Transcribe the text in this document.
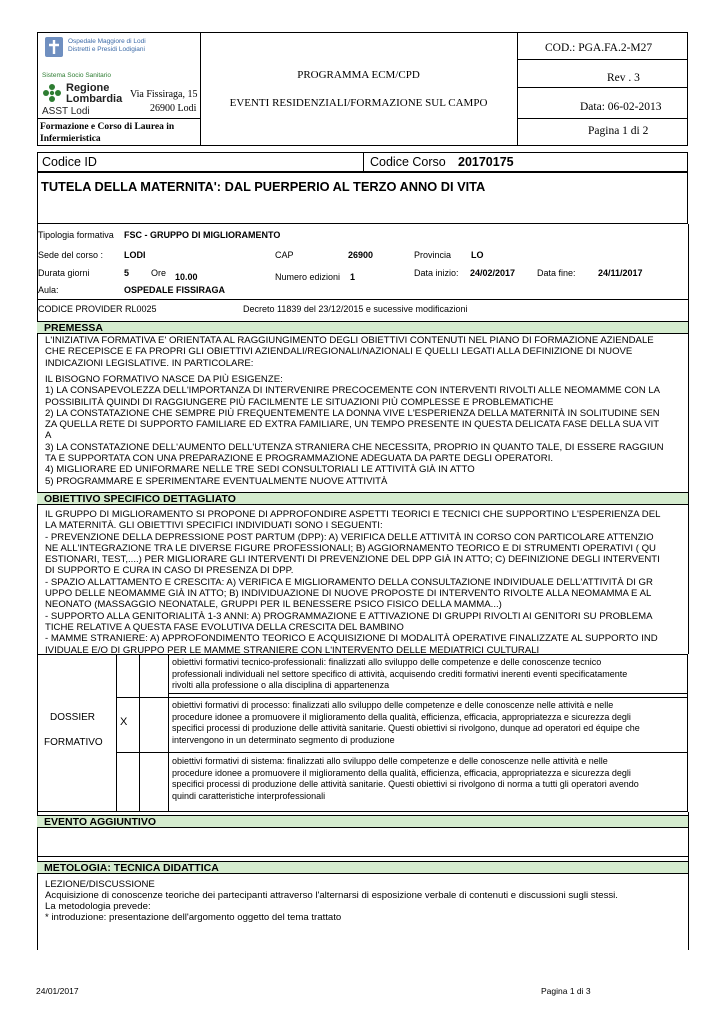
Ospedale Maggiore di Lodi
Distretti e Presidi Lodigiani
Sistema Socio Sanitario
Regione
Lombardia
ASST Lodi
Via Fissiraga, 15
26900 Lodi
Formazione e Corso di Laurea in
Infermieristica
PROGRAMMA ECM/CPD
EVENTI RESIDENZIALI/FORMAZIONE SUL CAMPO
COD.: PGA.FA.2-M27
Rev . 3
Data: 06-02-2013
Pagina 1 di 2
Codice ID	Codice Corso 20170175
TUTELA DELLA MATERNITA': DAL PUERPERIO AL TERZO ANNO DI VITA
Tipologia formativa FSC - GRUPPO DI MIGLIORAMENTO
Sede del corso : LODI	CAP	26900	Provincia LO
Durata giorni	5 Ore 10.00	Numero edizioni 1	Data inizio: 24/02/2017 Data fine: 24/11/2017
Aula:	OSPEDALE FISSIRAGA
CODICE PROVIDER RL0025	Decreto 11839 del 23/12/2015 e sucessive modificazioni
PREMESSA
L'INIZIATIVA FORMATIVA E' ORIENTATA AL RAGGIUNGIMENTO DEGLI OBIETTIVI CONTENUTI NEL PIANO DI FORMAZIONE AZIENDALE
CHE RECEPISCE E FA PROPRI GLI OBIETTIVI AZIENDALI/REGIONALI/NAZIONALI E QUELLI LEGATI ALLA DEFINIZIONE DI NUOVE
INDICAZIONI LEGISLATIVE. IN PARTICOLARE:
IL BISOGNO FORMATIVO NASCE DA PIÙ ESIGENZE:
1) LA CONSAPEVOLEZZA DELL'IMPORTANZA DI INTERVENIRE PRECOCEMENTE CON INTERVENTI RIVOLTI ALLE NEOMAMME CON LA
POSSIBILITÀ QUINDI DI RAGGIUNGERE PIÙ FACILMENTE LE SITUAZIONI PIÙ COMPLESSE E PROBLEMATICHE
2) LA CONSTATAZIONE CHE SEMPRE PIÙ FREQUENTEMENTE LA DONNA VIVE L'ESPERIENZA DELLA MATERNITÀ IN SOLITUDINE SEN
ZA QUELLA RETE DI SUPPORTO FAMILIARE ED EXTRA FAMILIARE, UN TEMPO PRESENTE IN QUESTA DELICATA FASE DELLA SUA VIT
A
3) LA CONSTATAZIONE DELL'AUMENTO DELL'UTENZA STRANIERA CHE NECESSITA, PROPRIO IN QUANTO TALE, DI ESSERE RAGGIUN
TA E SUPPORTATA CON UNA PREPARAZIONE E PROGRAMMAZIONE ADEGUATA DA PARTE DEGLI OPERATORI.
4) MIGLIORARE ED UNIFORMARE NELLE TRE SEDI CONSULTORIALI LE ATTIVITÀ GIÀ IN ATTO
5) PROGRAMMARE E SPERIMENTARE EVENTUALMENTE NUOVE ATTIVITÀ
OBIETTIVO SPECIFICO DETTAGLIATO
IL GRUPPO DI MIGLIORAMENTO SI PROPONE DI APPROFONDIRE ASPETTI TEORICI E TECNICI CHE SUPPORTINO L'ESPERIENZA DEL
LA MATERNITÀ. GLI OBIETTIVI SPECIFICI INDIVIDUATI SONO I SEGUENTI:
- PREVENZIONE DELLA DEPRESSIONE POST PARTUM (DPP): A) VERIFICA DELLE ATTIVITÀ IN CORSO CON PARTICOLARE ATTENZIO
NE ALL'INTEGRAZIONE TRA LE DIVERSE FIGURE PROFESSIONALI; B) AGGIORNAMENTO TEORICO E DI STRUMENTI OPERATIVI ( QU
ESTIONARI, TEST,....) PER MIGLIORARE GLI INTERVENTI DI PREVENZIONE DEL DPP GIÀ IN ATTO; C) DEFINIZIONE DEGLI INTERVENTI
DI SUPPORTO E CURA IN CASO DI PRESENZA DI DPP.
- SPAZIO ALLATTAMENTO E CRESCITA: A) VERIFICA E MIGLIORAMENTO DELLA CONSULTAZIONE INDIVIDUALE DELL'ATTIVITÀ DI GR
UPPO DELLE NEOMAMME GIÀ IN ATTO; B) INDIVIDUAZIONE DI NUOVE PROPOSTE DI INTERVENTO RIVOLTE ALLA NEOMAMMA E AL
NEONATO (MASSAGGIO NEONATALE, GRUPPI PER IL BENESSERE PSICO FISICO DELLA MAMMA...)
- SUPPORTO ALLA GENITORIALITÀ 1-3 ANNI: A) PROGRAMMAZIONE E ATTIVAZIONE DI GRUPPI RIVOLTI AI GENITORI SU PROBLEMA
TICHE RELATIVE A QUESTA FASE EVOLUTIVA DELLA CRESCITA DEL BAMBINO
- MAMME STRANIERE: A) APPROFONDIMENTO TEORICO E ACQUISIZIONE DI MODALITÀ OPERATIVE FINALIZZATE AL SUPPORTO IND
IVIDUALE E/O DI GRUPPO PER LE MAMME STRANIERE CON L'INTERVENTO DELLE MEDIATRICI CULTURALI
DOSSIER
FORMATIVO
obiettivi formativi tecnico-professionali: finalizzati allo sviluppo delle competenze e delle conoscenze tecnico
professionali individuali nel settore specifico di attività, acquisendo crediti formativi inerenti eventi specificatamente
rivolti alla professione o alla disciplina di appartenenza
X
obiettivi formativi di processo: finalizzati allo sviluppo delle competenze e delle conoscenze nelle attività e nelle
procedure idonee a promuovere il miglioramento della qualità, efficienza, efficacia, appropriatezza e sicurezza degli
specifici processi di produzione delle attività sanitarie. Questi obiettivi si rivolgono, dunque ad operatori ed équipe che
intervengono in un determinato segmento di produzione
obiettivi formativi di sistema: finalizzati allo sviluppo delle competenze e delle conoscenze nelle attività e nelle
procedure idonee a promuovere il miglioramento della qualità, efficienza, efficacia, appropriatezza e sicurezza degli
specifici processi di produzione delle attività sanitarie. Questi obiettivi si rivolgono di norma a tutti gli operatori avendo
quindi caratteristiche interprofessionali
EVENTO AGGIUNTIVO
METOLOGIA: TECNICA DIDATTICA
LEZIONE/DISCUSSIONE
Acquisizione di conoscenze teoriche dei partecipanti attraverso l'alternarsi di esposizione verbale di contenuti e discussioni sugli stessi.
La metodologia prevede:
* introduzione: presentazione dell'argomento oggetto del tema trattato
24/01/2017	Pagina 1 di 3
